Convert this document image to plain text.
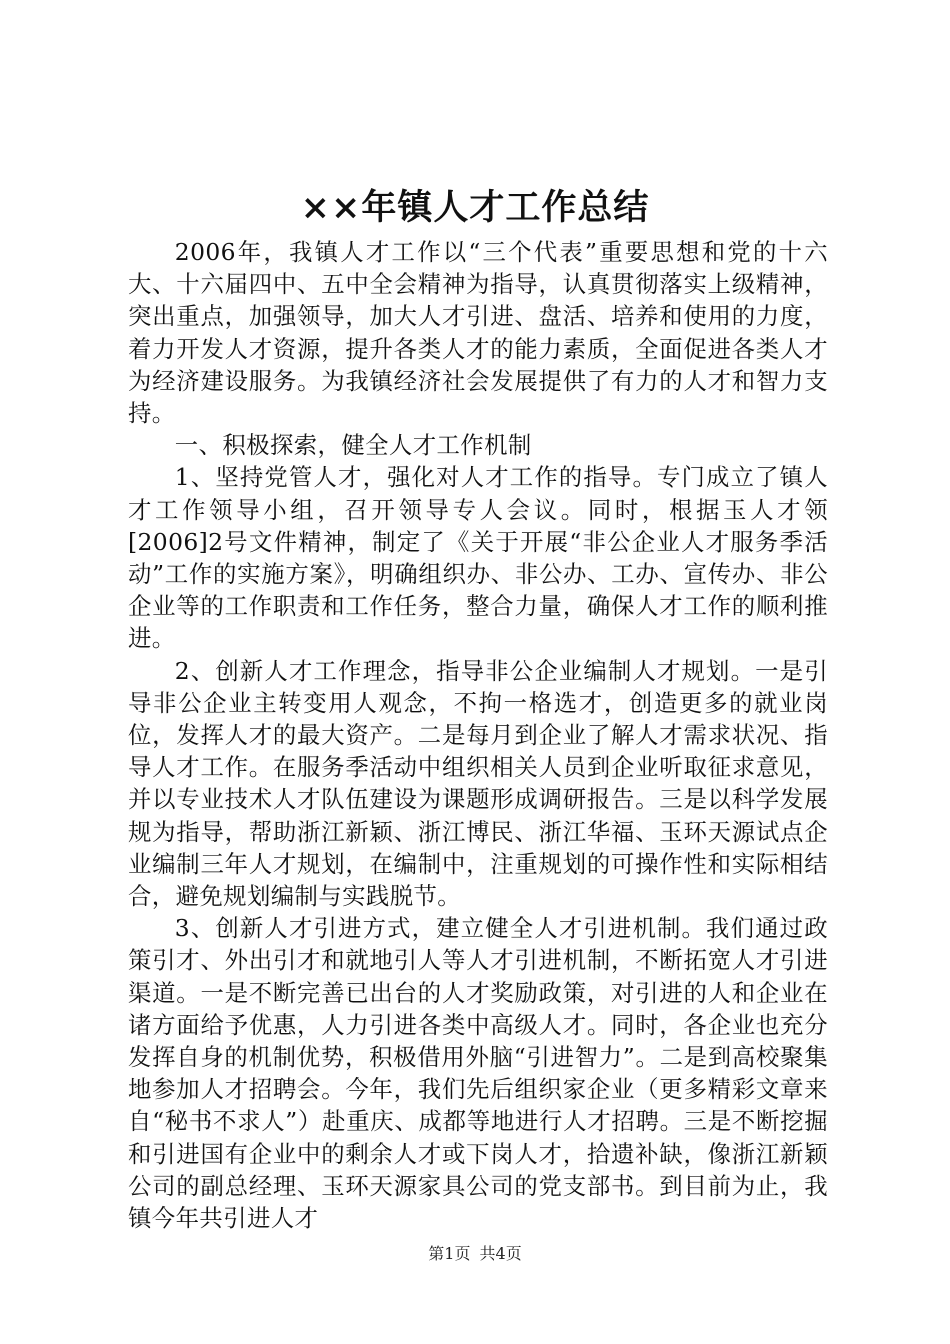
××年镇人才工作总结

2006年，我镇人才工作以“三个代表”重要思想和党的十六大、十六届四中、五中全会精神为指导，认真贯彻落实上级精神，突出重点，加强领导，加大人才引进、盘活、培养和使用的力度，着力开发人才资源，提升各类人才的能力素质，全面促进各类人才为经济建设服务。为我镇经济社会发展提供了有力的人才和智力支持。

一、积极探索，健全人才工作机制

1、坚持党管人才，强化对人才工作的指导。专门成立了镇人才工作领导小组，召开领导专人会议。同时，根据玉人才领[2006]2号文件精神，制定了《关于开展“非公企业人才服务季活动”工作的实施方案》，明确组织办、非公办、工办、宣传办、非公企业等的工作职责和工作任务，整合力量，确保人才工作的顺利推进。

2、创新人才工作理念，指导非公企业编制人才规划。一是引导非公企业主转变用人观念，不拘一格选才，创造更多的就业岗位，发挥人才的最大资产。二是每月到企业了解人才需求状况、指导人才工作。在服务季活动中组织相关人员到企业听取征求意见，并以专业技术人才队伍建设为课题形成调研报告。三是以科学发展规为指导，帮助浙江新颖、浙江博民、浙江华福、玉环天源试点企业编制三年人才规划，在编制中，注重规划的可操作性和实际相结合，避免规划编制与实践脱节。

3、创新人才引进方式，建立健全人才引进机制。我们通过政策引才、外出引才和就地引人等人才引进机制，不断拓宽人才引进渠道。一是不断完善已出台的人才奖励政策，对引进的人和企业在诸方面给予优惠，人力引进各类中高级人才。同时，各企业也充分发挥自身的机制优势，积极借用外脑“引进智力”。二是到高校聚集地参加人才招聘会。今年，我们先后组织家企业（更多精彩文章来自“秘书不求人”）赴重庆、成都等地进行人才招聘。三是不断挖掘和引进国有企业中的剩余人才或下岗人才，拾遗补缺，像浙江新颖公司的副总经理、玉环天源家具公司的党支部书。到目前为止，我镇今年共引进人才

第1页 共4页
